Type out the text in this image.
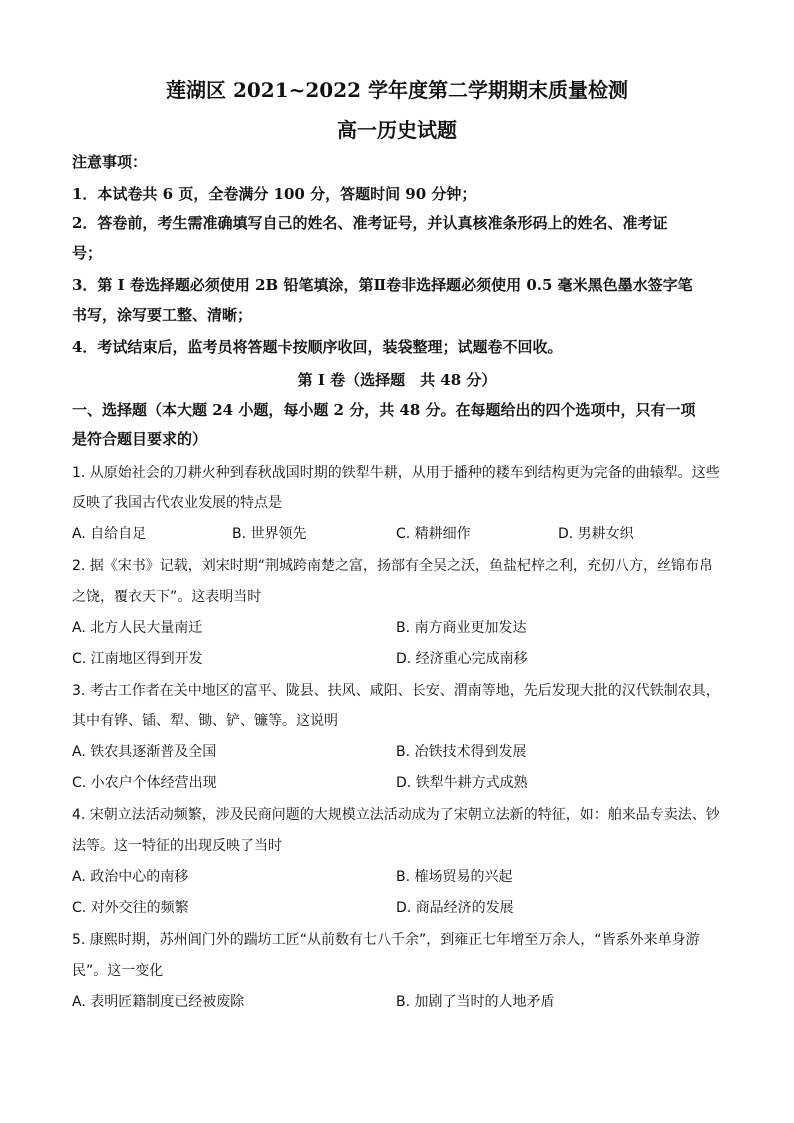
莲湖区 2021~2022 学年度第二学期期末质量检测
高一历史试题
注意事项：
1．本试卷共 6 页，全卷满分 100 分，答题时间 90 分钟；
2．答卷前，考生需准确填写自己的姓名、准考证号，并认真核准条形码上的姓名、准考证
号；
3．第 I 卷选择题必须使用 2B 铅笔填涂，第Ⅱ卷非选择题必须使用 0.5 毫米黑色墨水签字笔
书写，涂写要工整、清晰；
4．考试结束后，监考员将答题卡按顺序收回，装袋整理；试题卷不回收。
第 I 卷（选择题　共 48 分）
一、选择题（本大题 24 小题，每小题 2 分，共 48 分。在每题给出的四个选项中，只有一项
是符合题目要求的）
1. 从原始社会的刀耕火种到春秋战国时期的铁犁牛耕，从用于播种的耧车到结构更为完备的曲辕犁。这些
反映了我国古代农业发展的特点是
A. 自给自足	B. 世界领先	C. 精耕细作	D. 男耕女织
2. 据《宋书》记载，刘宋时期“荆城跨南楚之富，扬部有全吴之沃，鱼盐杞梓之利，充仞八方，丝锦布帛
之饶，覆衣天下”。这表明当时
A. 北方人民大量南迁	B. 南方商业更加发达
C. 江南地区得到开发	D. 经济重心完成南移
3. 考古工作者在关中地区的富平、陇县、扶风、咸阳、长安、渭南等地，先后发现大批的汉代铁制农具，
其中有铧、锸、犁、锄、铲、镰等。这说明
A. 铁农具逐渐普及全国	B. 冶铁技术得到发展
C. 小农户个体经营出现	D. 铁犁牛耕方式成熟
4. 宋朝立法活动频繁，涉及民商问题的大规模立法活动成为了宋朝立法新的特征，如：舶来品专卖法、钞
法等。这一特征的出现反映了当时
A. 政治中心的南移	B. 榷场贸易的兴起
C. 对外交往的频繁	D. 商品经济的发展
5. 康熙时期，苏州阊门外的踹坊工匠“从前数有七八千余”，到雍正七年增至万余人，“皆系外来单身游
民”。这一变化
A. 表明匠籍制度已经被废除	B. 加剧了当时的人地矛盾
